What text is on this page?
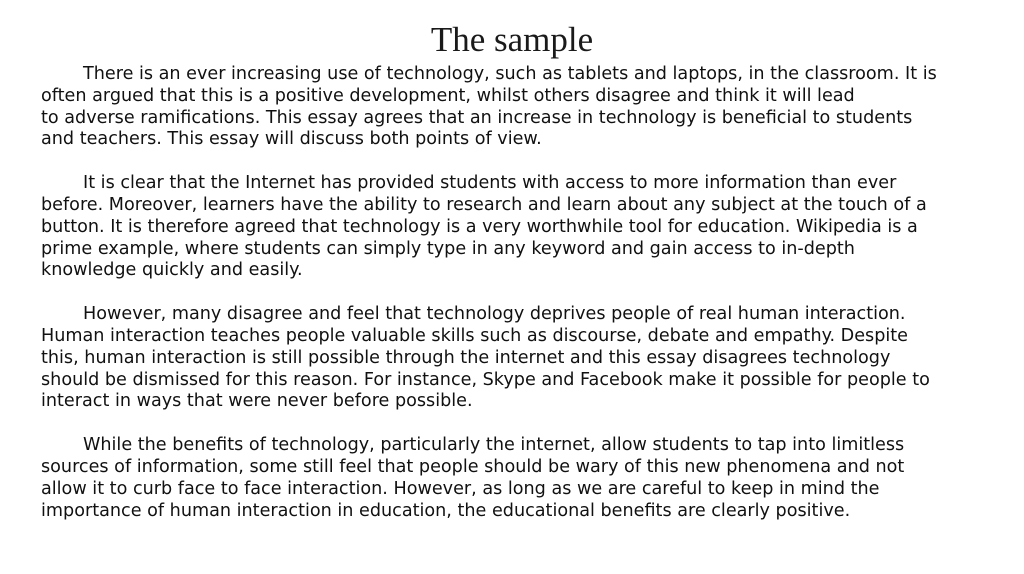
The sample
There is an ever increasing use of technology, such as tablets and laptops, in the classroom. It is
often argued that this is a positive development, whilst others disagree and think it will lead
to adverse ramifications. This essay agrees that an increase in technology is beneficial to students
and teachers. This essay will discuss both points of view.
It is clear that the Internet has provided students with access to more information than ever
before. Moreover, learners have the ability to research and learn about any subject at the touch of a
button. It is therefore agreed that technology is a very worthwhile tool for education. Wikipedia is a
prime example, where students can simply type in any keyword and gain access to in-depth
knowledge quickly and easily.
However, many disagree and feel that technology deprives people of real human interaction.
Human interaction teaches people valuable skills such as discourse, debate and empathy. Despite
this, human interaction is still possible through the internet and this essay disagrees technology
should be dismissed for this reason. For instance, Skype and Facebook make it possible for people to
interact in ways that were never before possible.
While the benefits of technology, particularly the internet, allow students to tap into limitless
sources of information, some still feel that people should be wary of this new phenomena and not
allow it to curb face to face interaction. However, as long as we are careful to keep in mind the
importance of human interaction in education, the educational benefits are clearly positive.
